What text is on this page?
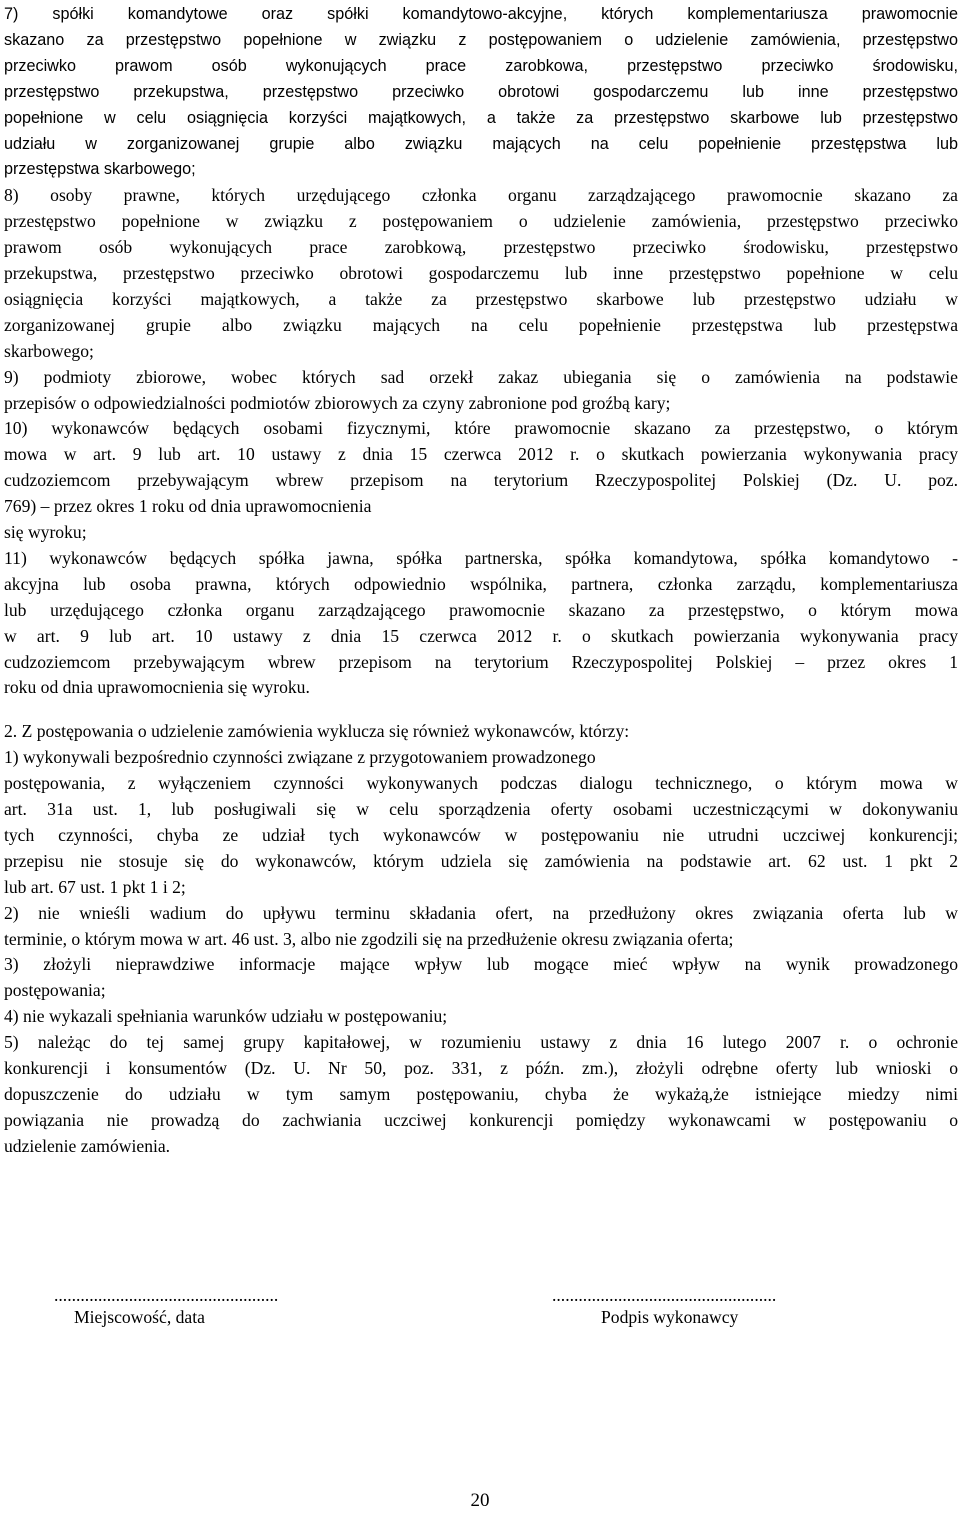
7) spółki komandytowe oraz spółki komandytowo-akcyjne, których komplementariusza prawomocnie
skazano za przestępstwo popełnione w związku z postępowaniem o udzielenie zamówienia, przestępstwo
przeciwko prawom osób wykonujących prace zarobkowa, przestępstwo przeciwko środowisku,
przestępstwo przekupstwa, przestępstwo przeciwko obrotowi gospodarczemu lub inne przestępstwo
popełnione w celu osiągnięcia korzyści majątkowych, a także za przestępstwo skarbowe lub przestępstwo
udziału w zorganizowanej grupie albo związku mających na celu popełnienie przestępstwa lub
przestępstwa skarbowego;
8) osoby prawne, których urzędującego członka organu zarządzającego prawomocnie skazano za
przestępstwo popełnione w związku z postępowaniem o udzielenie zamówienia, przestępstwo przeciwko
prawom osób wykonujących prace zarobkową, przestępstwo przeciwko środowisku, przestępstwo
przekupstwa, przestępstwo przeciwko obrotowi gospodarczemu lub inne przestępstwo popełnione w celu
osiągnięcia korzyści majątkowych, a także za przestępstwo skarbowe lub przestępstwo udziału w
zorganizowanej grupie albo związku mających na celu popełnienie przestępstwa lub przestępstwa
skarbowego;
9) podmioty zbiorowe, wobec których sad orzekł zakaz ubiegania się o zamówienia na podstawie
przepisów o odpowiedzialności podmiotów zbiorowych za czyny zabronione pod groźbą kary;
10) wykonawców będących osobami fizycznymi, które prawomocnie skazano za przestępstwo, o którym
mowa w art. 9 lub art. 10 ustawy z dnia 15 czerwca 2012 r. o skutkach powierzania wykonywania pracy
cudzoziemcom przebywającym wbrew przepisom na terytorium Rzeczypospolitej Polskiej (Dz. U. poz.
769) – przez okres 1 roku od dnia uprawomocnienia
się wyroku;
11) wykonawców będących spółka jawna, spółka partnerska, spółka komandytowa, spółka komandytowo -
akcyjna lub osoba prawna, których odpowiednio wspólnika, partnera, członka zarządu, komplementariusza
lub urzędującego członka organu zarządzającego prawomocnie skazano za przestępstwo, o którym mowa
w art. 9 lub art. 10 ustawy z dnia 15 czerwca 2012 r. o skutkach powierzania wykonywania pracy
cudzoziemcom przebywającym wbrew przepisom na terytorium Rzeczypospolitej Polskiej – przez okres 1
roku od dnia uprawomocnienia się wyroku.
2. Z postępowania o udzielenie zamówienia wyklucza się również wykonawców, którzy:
1) wykonywali bezpośrednio czynności związane z przygotowaniem prowadzonego
postępowania, z wyłączeniem czynności wykonywanych podczas dialogu technicznego, o którym mowa w
art. 31a ust. 1, lub posługiwali się w celu sporządzenia oferty osobami uczestniczącymi w dokonywaniu
tych czynności, chyba ze udział tych wykonawców w postępowaniu nie utrudni uczciwej konkurencji;
przepisu nie stosuje się do wykonawców, którym udziela się zamówienia na podstawie art. 62 ust. 1 pkt 2
lub art. 67 ust. 1 pkt 1 i 2;
2) nie wnieśli wadium do upływu terminu składania ofert, na przedłużony okres związania oferta lub w
terminie, o którym mowa w art. 46 ust. 3, albo nie zgodzili się na przedłużenie okresu związania oferta;
3) złożyli nieprawdziwe informacje mające wpływ lub mogące mieć wpływ na wynik prowadzonego
postępowania;
4) nie wykazali spełniania warunków udziału w postępowaniu;
5) należąc do tej samej grupy kapitałowej, w rozumieniu ustawy z dnia 16 lutego 2007 r. o ochronie
konkurencji i konsumentów (Dz. U. Nr 50, poz. 331, z późn. zm.), złożyli odrębne oferty lub wnioski o
dopuszczenie do udziału w tym samym postępowaniu, chyba że wykażą,że istniejące miedzy nimi
powiązania nie prowadzą do zachwiania uczciwej konkurencji pomiędzy wykonawcami w postępowaniu o
udzielenie zamówienia.
...................................................
Miejscowość, data
...................................................
Podpis wykonawcy
20
